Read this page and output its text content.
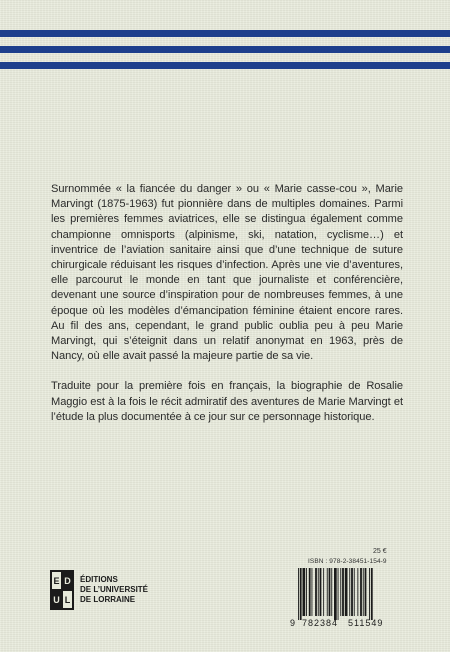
Surnommée « la fiancée du danger » ou « Marie casse-cou », Marie Marvingt (1875-1963) fut pionnière dans de multiples domaines. Parmi les premières femmes aviatrices, elle se distingua également comme championne omnisports (alpinisme, ski, natation, cyclisme…) et inventrice de l’aviation sanitaire ainsi que d’une technique de suture chirurgicale réduisant les risques d’infection. Après une vie d’aventures, elle parcourut le monde en tant que journaliste et conférencière, devenant une source d’inspiration pour de nombreuses femmes, à une époque où les modèles d’émancipation féminine étaient encore rares. Au fil des ans, cependant, le grand public oublia peu à peu Marie Marvingt, qui s’éteignit dans un relatif anonymat en 1963, près de Nancy, où elle avait passé la majeure partie de sa vie.

Traduite pour la première fois en français, la biographie de Rosalie Maggio est à la fois le récit admiratif des aventures de Marie Marvingt et l’étude la plus documentée à ce jour sur ce personnage historique.

25 €
ISBN : 978-2-38451-154-9
9 782384 511549
E D
U L
ÉDITIONS
DE L’UNIVERSITÉ
DE LORRAINE
